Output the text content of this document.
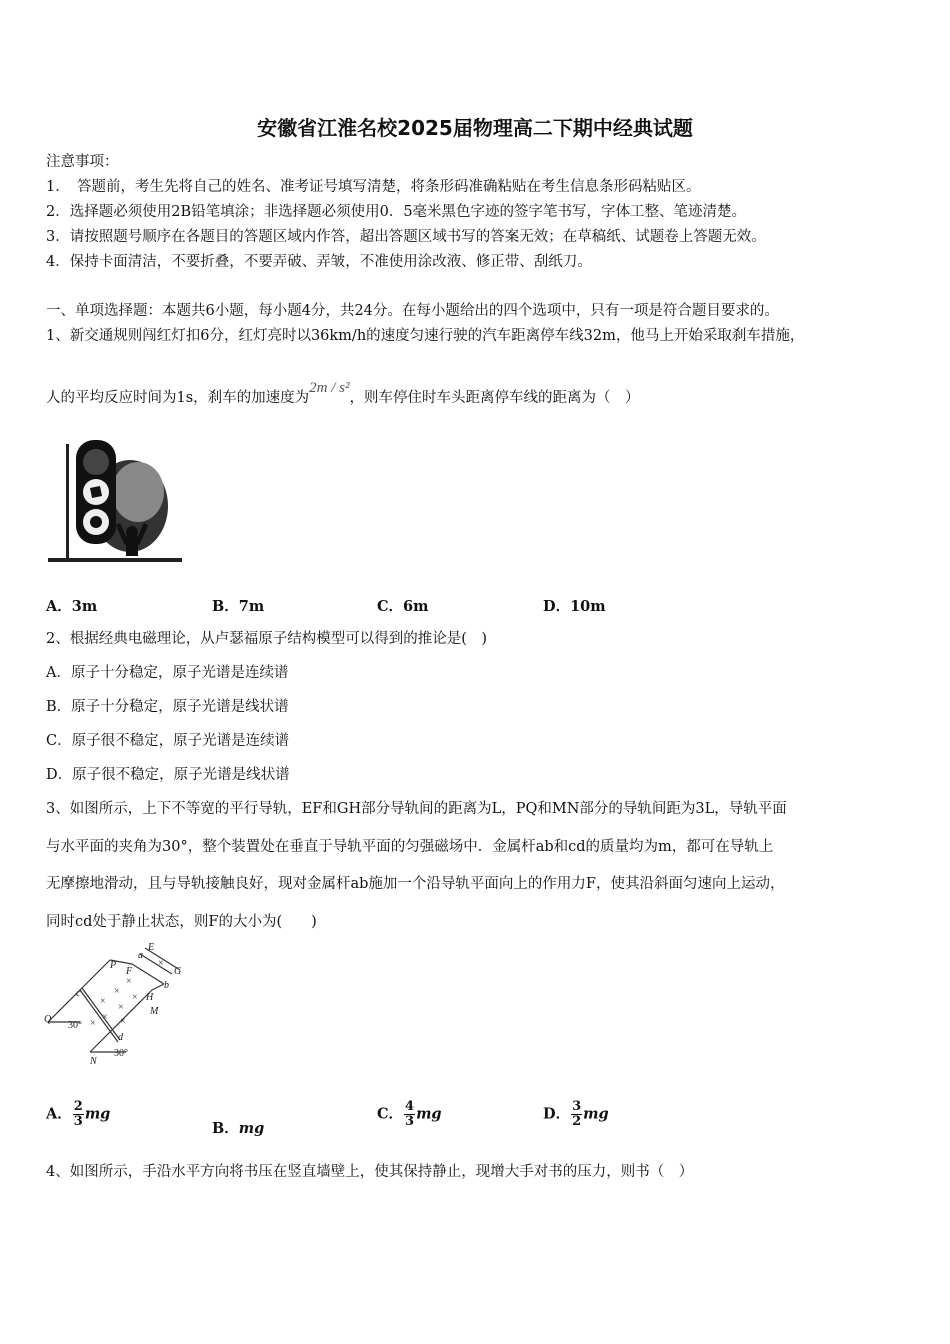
安徽省江淮名校2025届物理高二下期中经典试题
注意事项：
1．　答题前，考生先将自己的姓名、准考证号填写清楚，将条形码准确粘贴在考生信息条形码粘贴区。
2．选择题必须使用2B铅笔填涂；非选择题必须使用0．5毫米黑色字迹的签字笔书写，字体工整、笔迹清楚。
3．请按照题号顺序在各题目的答题区域内作答，超出答题区域书写的答案无效；在草稿纸、试题卷上答题无效。
4．保持卡面清洁，不要折叠，不要弄破、弄皱，不准使用涂改液、修正带、刮纸刀。
一、单项选择题：本题共6小题，每小题4分，共24分。在每小题给出的四个选项中，只有一项是符合题目要求的。
1、新交通规则闯红灯扣6分，红灯亮时以36km/h的速度匀速行驶的汽车距离停车线32m，他马上开始采取刹车措施，
人的平均反应时间为1s，刹车的加速度为2m / s²，则车停住时车头距离停车线的距离为（　）
A．3m	B．7m	C．6m	D．10m
2、根据经典电磁理论，从卢瑟福原子结构模型可以得到的推论是(　)
A．原子十分稳定，原子光谱是连续谱
B．原子十分稳定，原子光谱是线状谱
C．原子很不稳定，原子光谱是连续谱
D．原子很不稳定，原子光谱是线状谱
3、如图所示，上下不等宽的平行导轨，EF和GH部分导轨间的距离为L，PQ和MN部分的导轨间距为3L，导轨平面
与水平面的夹角为30°，整个装置处在垂直于导轨平面的匀强磁场中．金属杆ab和cd的质量均为m，都可在导轨上
无摩擦地滑动，且与导轨接触良好，现对金属杆ab施加一个沿导轨平面向上的作用力F，使其沿斜面匀速向上运动，
同时cd处于静止状态，则F的大小为(　　)
×
×
×
×
×
×
× ×
×
E
a
P
F	G
b
c	H
M
Q
30°
d
N
30°
A． $\frac{2}{3}$ mg
B．mg
C． $\frac{4}{3}$ mg	D． $\frac{3}{2}$ mg
4、如图所示，手沿水平方向将书压在竖直墙壁上，使其保持静止，现增大手对书的压力，则书（　）
